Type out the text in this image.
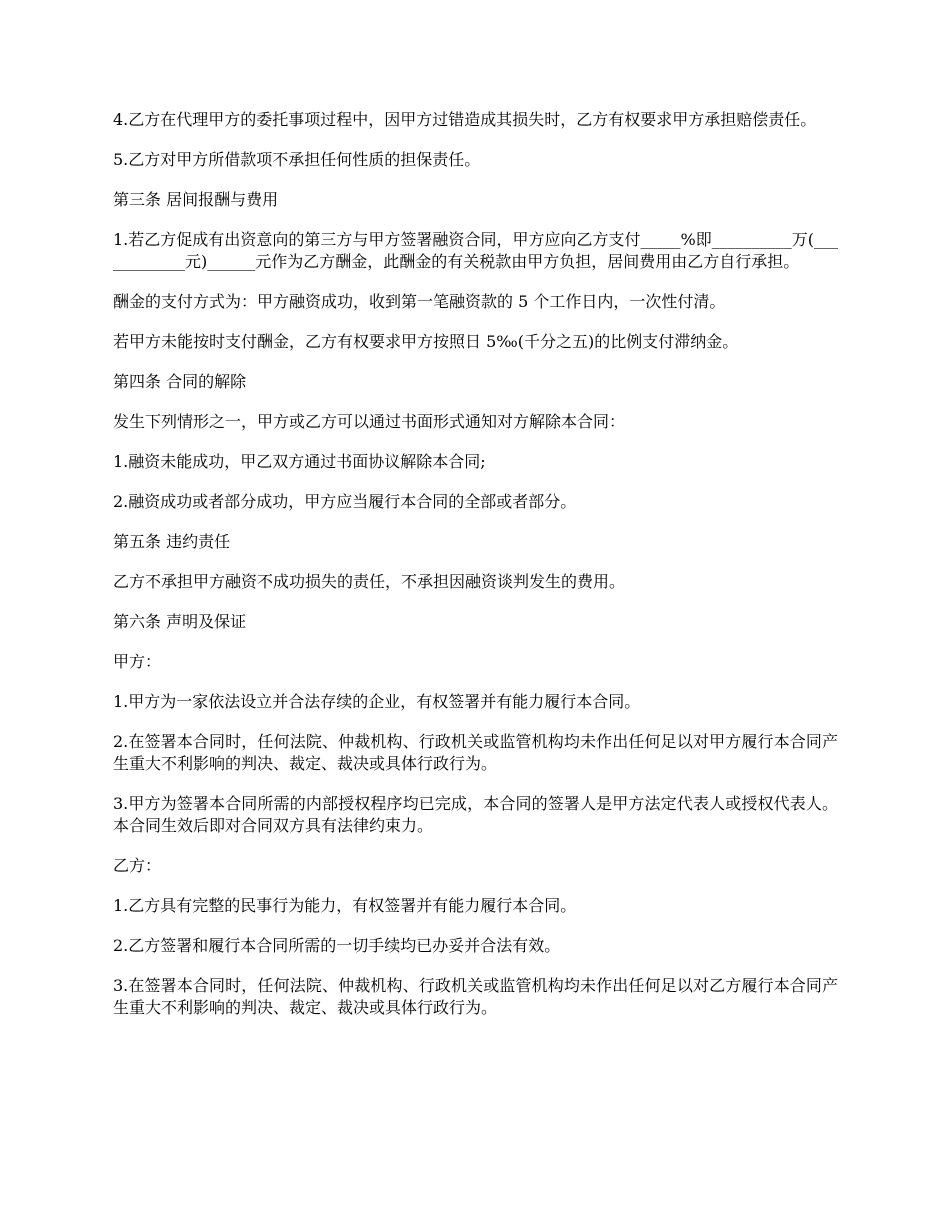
4.乙方在代理甲方的委托事项过程中，因甲方过错造成其损失时，乙方有权要求甲方承担赔偿责任。

5.乙方对甲方所借款项不承担任何性质的担保责任。

第三条 居间报酬与费用

1.若乙方促成有出资意向的第三方与甲方签署融资合同，甲方应向乙方支付_____%即__________万(____________元)______元作为乙方酬金，此酬金的有关税款由甲方负担，居间费用由乙方自行承担。

酬金的支付方式为：甲方融资成功，收到第一笔融资款的 5 个工作日内，一次性付清。

若甲方未能按时支付酬金，乙方有权要求甲方按照日 5‰(千分之五)的比例支付滞纳金。

第四条 合同的解除

发生下列情形之一，甲方或乙方可以通过书面形式通知对方解除本合同：

1.融资未能成功，甲乙双方通过书面协议解除本合同;

2.融资成功或者部分成功，甲方应当履行本合同的全部或者部分。

第五条 违约责任

乙方不承担甲方融资不成功损失的责任，不承担因融资谈判发生的费用。

第六条 声明及保证

甲方：

1.甲方为一家依法设立并合法存续的企业，有权签署并有能力履行本合同。

2.在签署本合同时，任何法院、仲裁机构、行政机关或监管机构均未作出任何足以对甲方履行本合同产生重大不利影响的判决、裁定、裁决或具体行政行为。

3.甲方为签署本合同所需的内部授权程序均已完成，本合同的签署人是甲方法定代表人或授权代表人。本合同生效后即对合同双方具有法律约束力。

乙方：

1.乙方具有完整的民事行为能力，有权签署并有能力履行本合同。

2.乙方签署和履行本合同所需的一切手续均已办妥并合法有效。

3.在签署本合同时，任何法院、仲裁机构、行政机关或监管机构均未作出任何足以对乙方履行本合同产生重大不利影响的判决、裁定、裁决或具体行政行为。
